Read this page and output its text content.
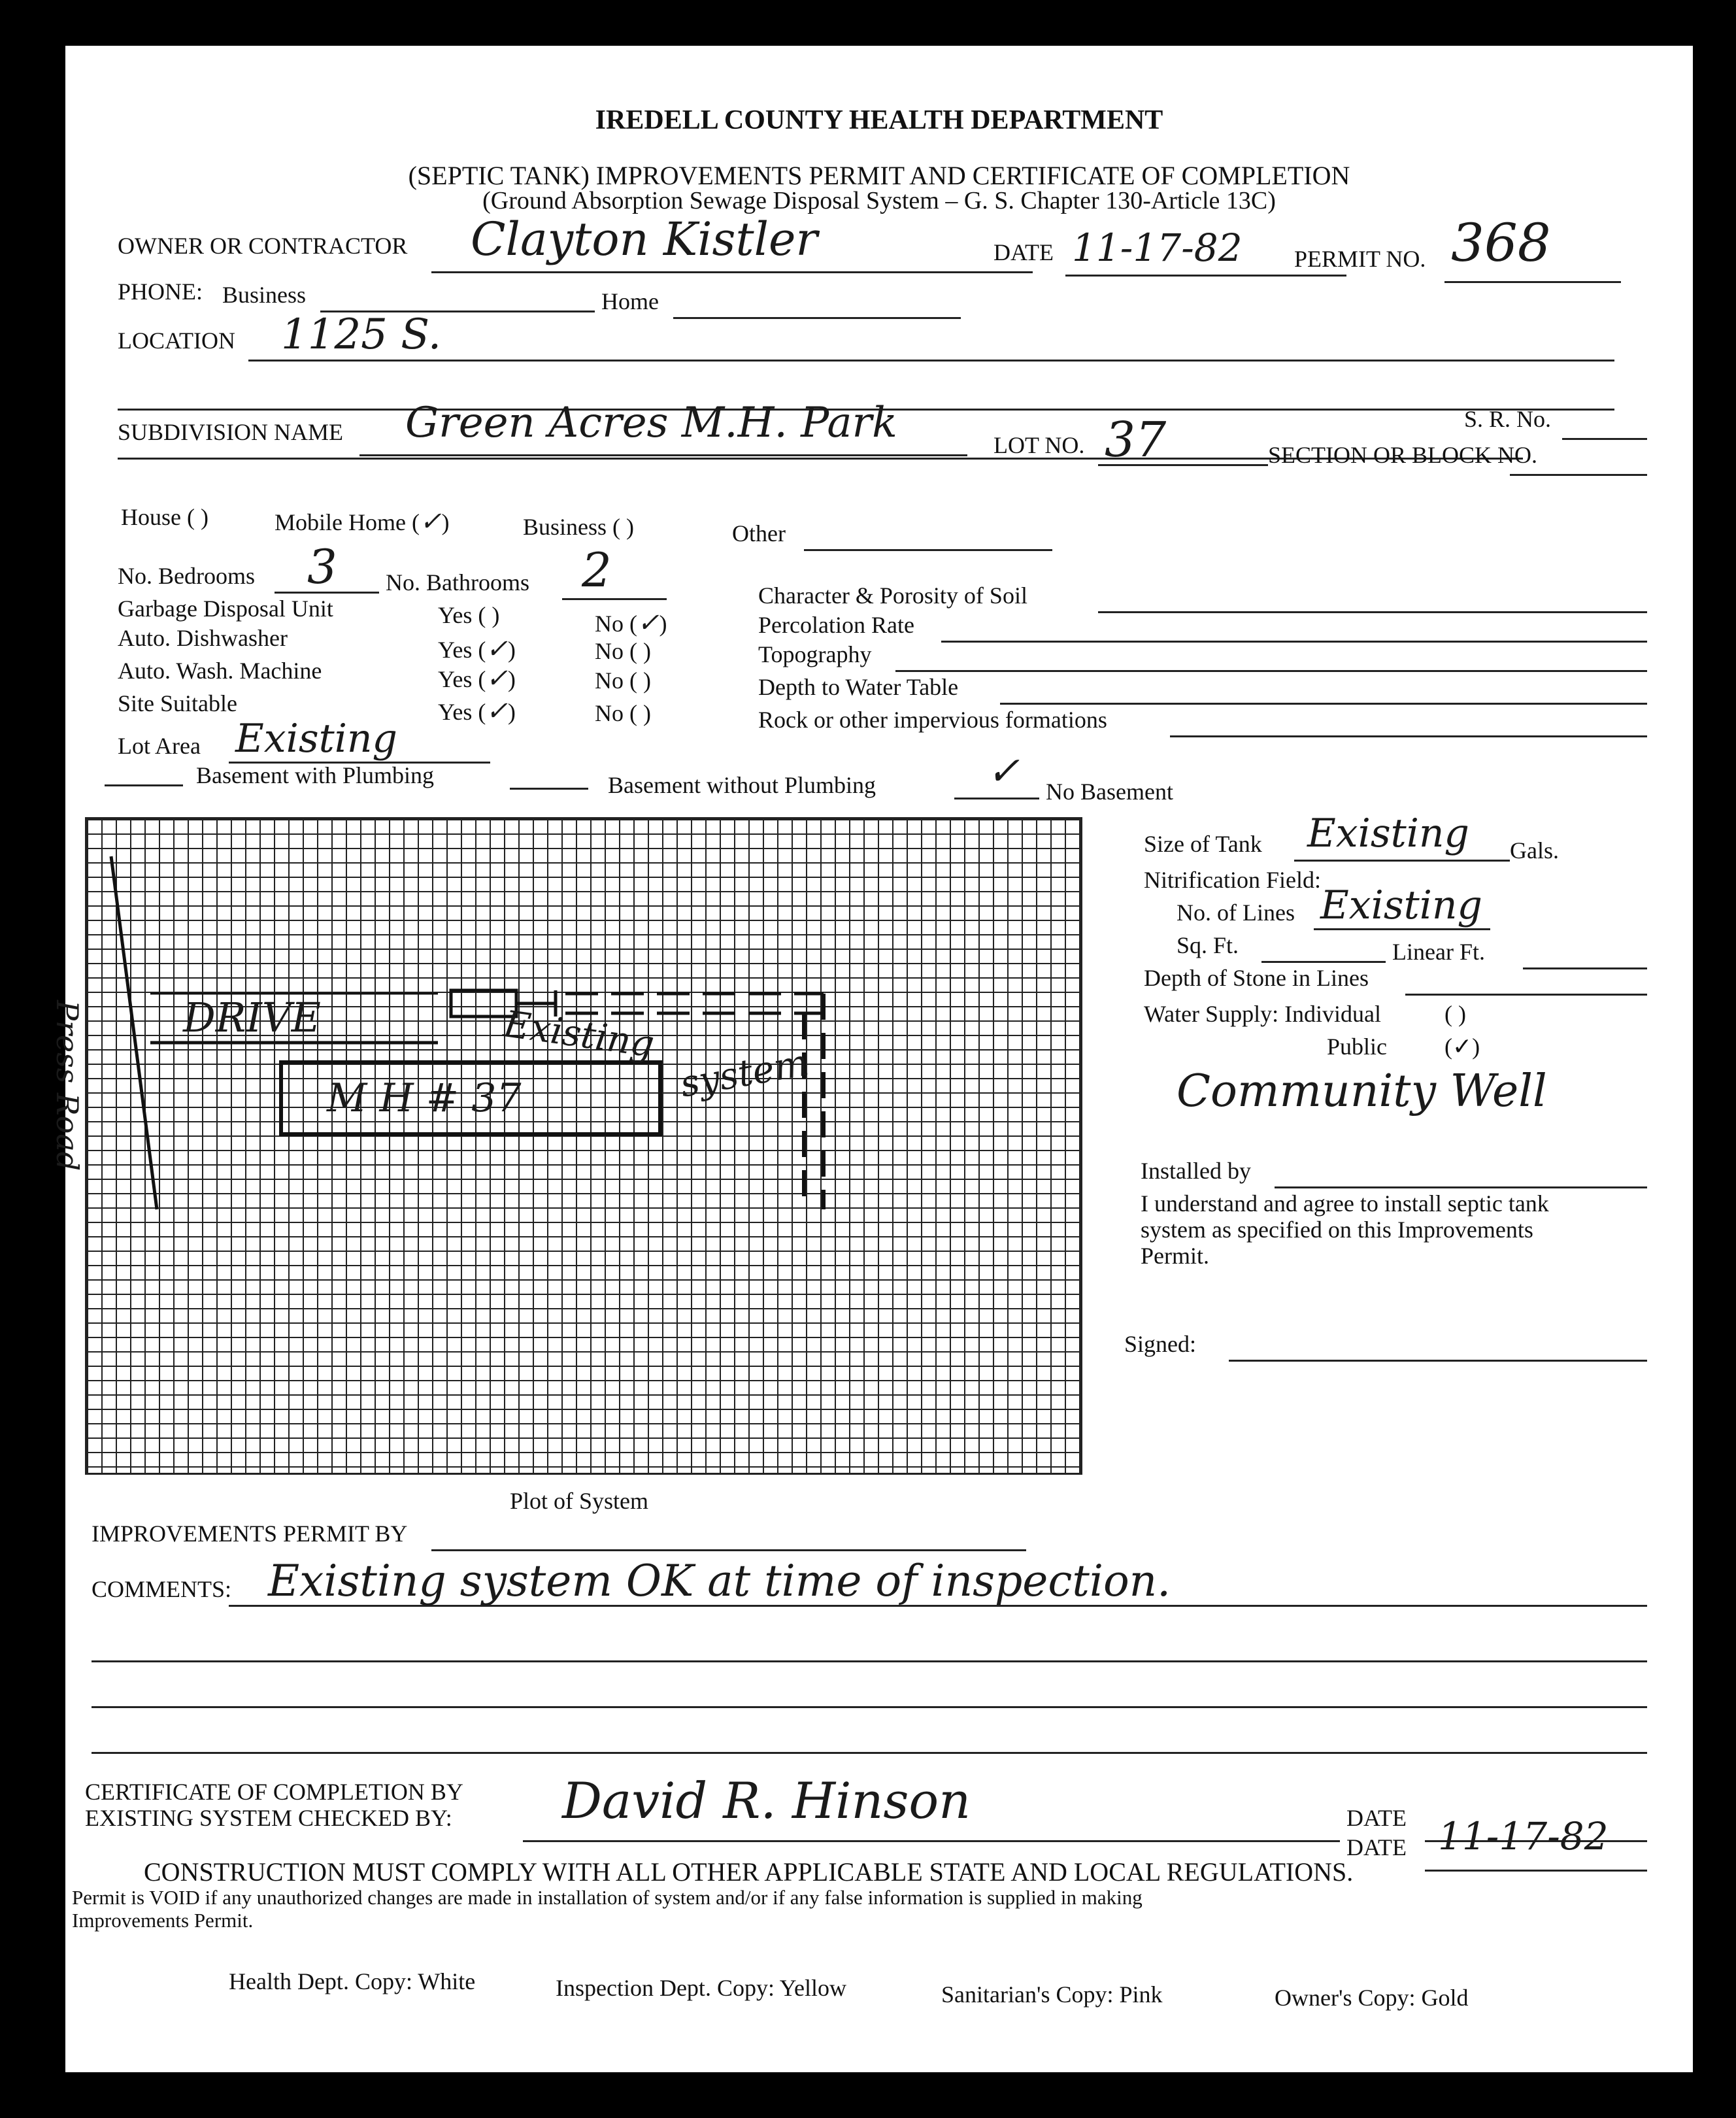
IREDELL COUNTY HEALTH DEPARTMENT
(SEPTIC TANK) IMPROVEMENTS PERMIT AND CERTIFICATE OF COMPLETION
(Ground Absorption Sewage Disposal System – G. S. Chapter 130-Article 13C)
OWNER OR CONTRACTOR Clayton Kistler	DATE 11-17-82 PERMIT NO. 368
PHONE: Business	Home
LOCATION 1125 S.
S. R. No.
SUBDIVISION NAME Green Acres M.H. Park	LOT NO. 37	SECTION OR BLOCK NO.
House ( )	Mobile Home (✓)	Business ( )	Other
No. Bedrooms 3 No. Bathrooms 2
Garbage Disposal Unit	Yes ( )	No (✓)
Auto. Dishwasher	Yes (✓)	No ( )
Auto. Wash. Machine	Yes (✓)	No ( )
Site Suitable	Yes (✓)	No ( )
Character & Porosity of Soil
Percolation Rate
Topography
Depth to Water Table
Rock or other impervious formations
Lot Area Existing
Basement with Plumbing	Basement without Plumbing	✓ No Basement
Press Road DRIVE	Existing
system
M H # 37
Plot of System
Size of Tank Existing Gals.
Nitrification Field:
No. of Lines Existing
Sq. Ft.	Linear Ft.
Depth of Stone in Lines
Water Supply: Individual	( )
Public (✓)
Community Well
Installed by
I understand and agree to install septic tank
system as specified on this Improvements
Permit.
Signed:
IMPROVEMENTS PERMIT BY
COMMENTS: Existing system OK at time of inspection.
CERTIFICATE OF COMPLETION BY
EXISTING SYSTEM CHECKED BY: David R. Hinson	DATE
DATE 11-17-82
CONSTRUCTION MUST COMPLY WITH ALL OTHER APPLICABLE STATE AND LOCAL REGULATIONS.
Permit is VOID if any unauthorized changes are made in installation of system and/or if any false information is supplied in making
Improvements Permit.
Health Dept. Copy: White	Inspection Dept. Copy: Yellow	Sanitarian's Copy: Pink	Owner's Copy: Gold
